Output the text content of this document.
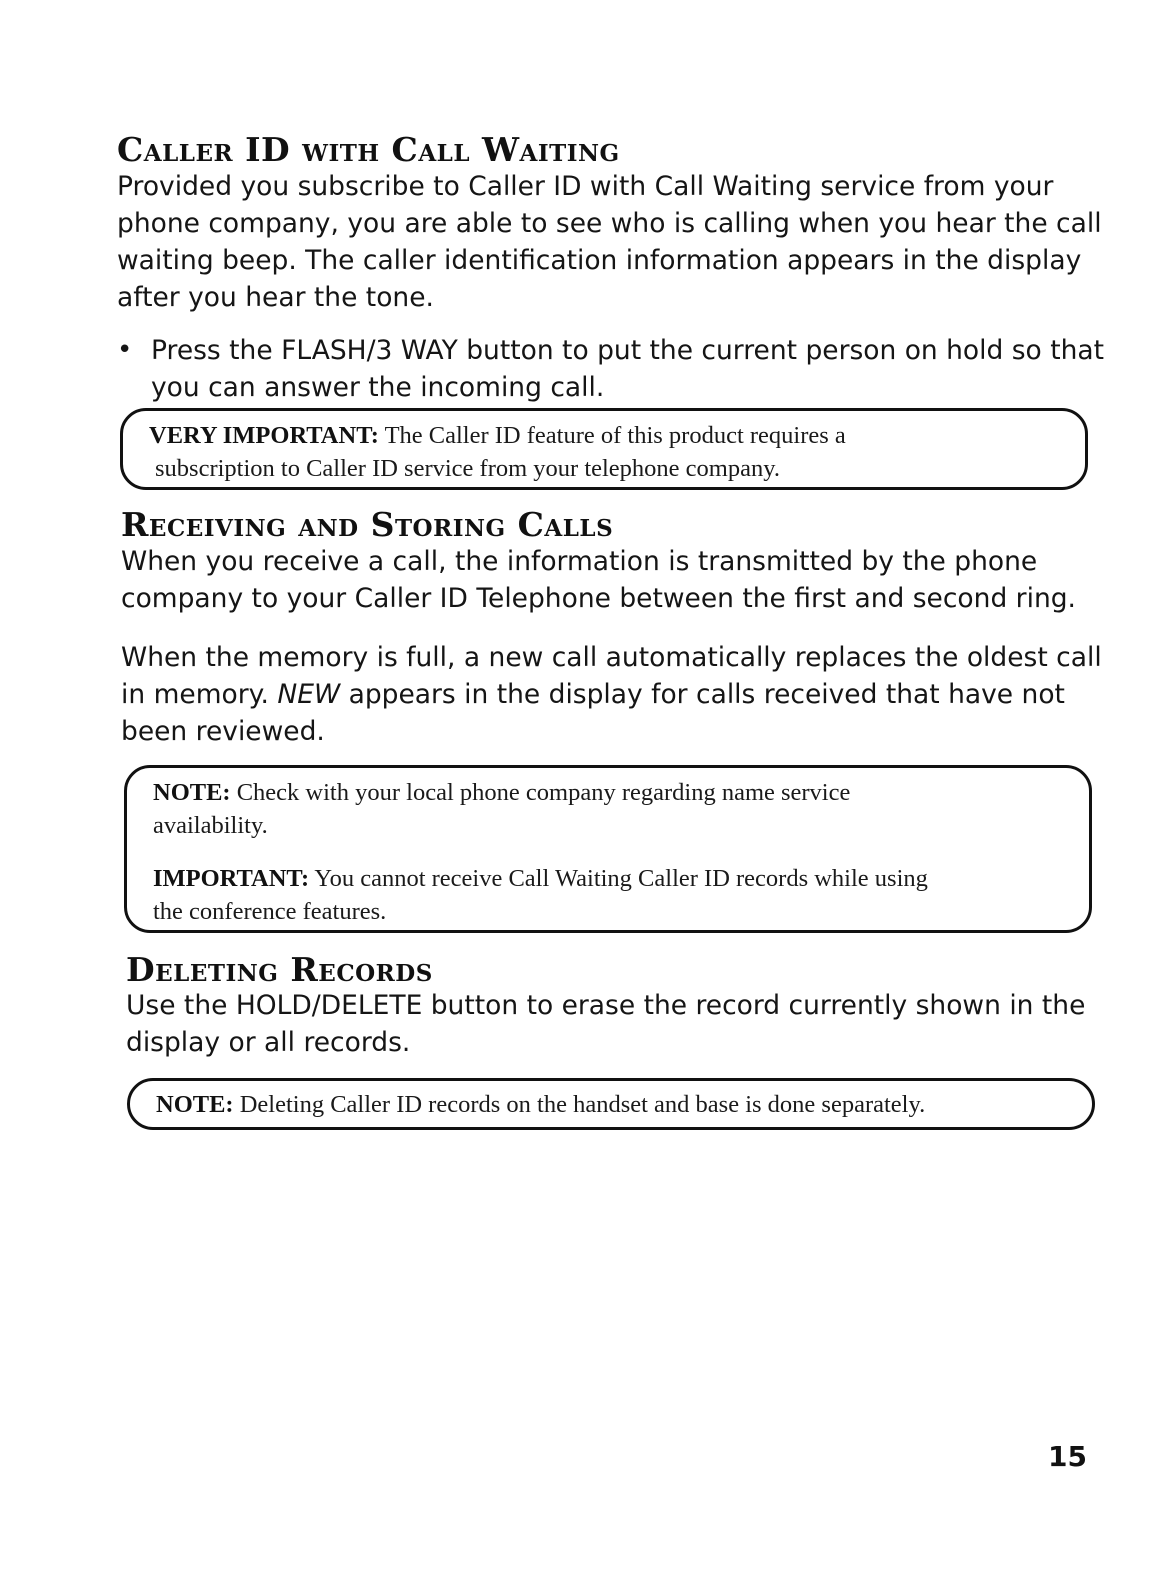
Caller ID with Call Waiting
Provided you subscribe to Caller ID with Call Waiting service from your
phone company, you are able to see who is calling when you hear the call
waiting beep. The caller identification information appears in the display
after you hear the tone.
• Press the FLASH/3 WAY button to put the current person on hold so that
you can answer the incoming call.

VERY IMPORTANT: The Caller ID feature of this product requires a

subscription to Caller ID service from your telephone company.

Receiving and Storing Calls
When you receive a call, the information is transmitted by the phone
company to your Caller ID Telephone between the first and second ring.
When the memory is full, a new call automatically replaces the oldest call
in memory. NEW appears in the display for calls received that have not
been reviewed.

NOTE: Check with your local phone company regarding name service

availability.

IMPORTANT: You cannot receive Call Waiting Caller ID records while using

the conference features.

Deleting Records
Use the HOLD/DELETE button to erase the record currently shown in the
display or all records.

NOTE: Deleting Caller ID records on the handset and base is done separately.

15
